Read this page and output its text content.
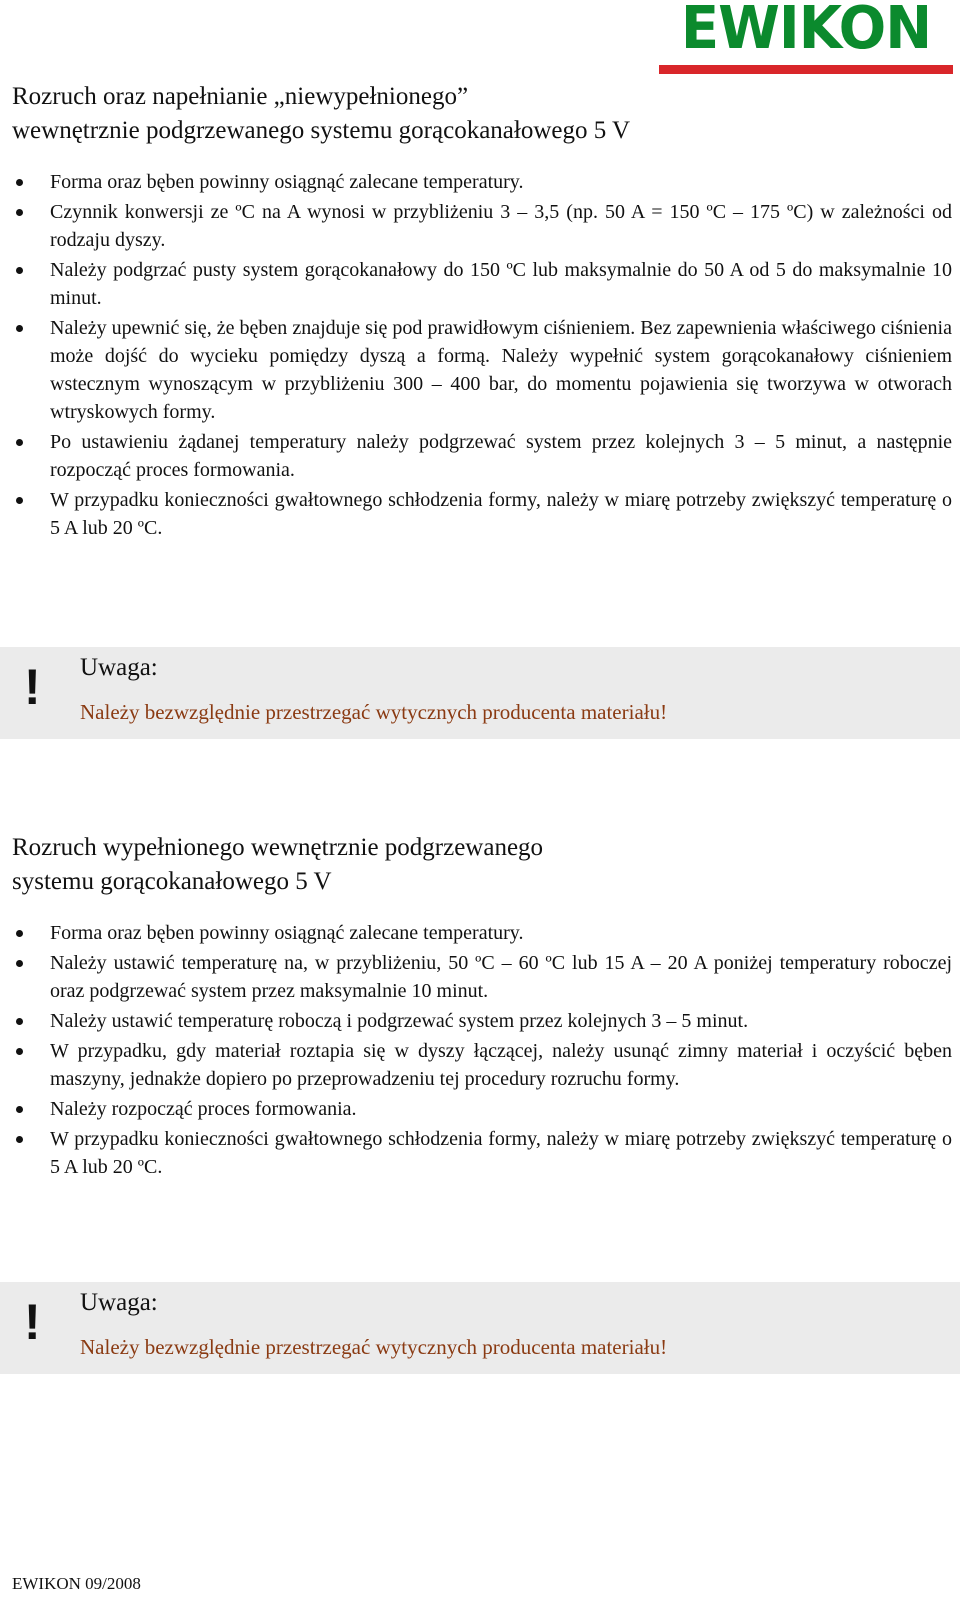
EWIKON
Rozruch oraz napełnianie „niewypełnionego”
wewnętrznie podgrzewanego systemu gorącokanałowego 5 V
Forma oraz bęben powinny osiągnąć zalecane temperatury.
Czynnik konwersji ze ºC na A wynosi w przybliżeniu 3 – 3,5 (np. 50 A = 150 ºC – 175 ºC) w zależności od rodzaju dyszy.
Należy podgrzać pusty system gorącokanałowy do 150 ºC lub maksymalnie do 50 A od 5 do maksymalnie 10 minut.
Należy upewnić się, że bęben znajduje się pod prawidłowym ciśnieniem. Bez zapewnienia właściwego ciśnienia może dojść do wycieku pomiędzy dyszą a formą. Należy wypełnić system gorącokanałowy ciśnieniem wstecznym wynoszącym w przybliżeniu 300 – 400 bar, do momentu pojawienia się tworzywa w otworach wtryskowych formy.
Po ustawieniu żądanej temperatury należy podgrzewać system przez kolejnych 3 – 5 minut, a następnie rozpocząć proces formowania.
W przypadku konieczności gwałtownego schłodzenia formy, należy w miarę potrzeby zwiększyć temperaturę o 5 A lub 20 ºC.
! Uwaga:
Należy bezwzględnie przestrzegać wytycznych producenta materiału!
Rozruch wypełnionego wewnętrznie podgrzewanego
systemu gorącokanałowego 5 V
Forma oraz bęben powinny osiągnąć zalecane temperatury.
Należy ustawić temperaturę na, w przybliżeniu, 50 ºC – 60 ºC lub 15 A – 20 A poniżej temperatury roboczej oraz podgrzewać system przez maksymalnie 10 minut.
Należy ustawić temperaturę roboczą i podgrzewać system przez kolejnych 3 – 5 minut.
W przypadku, gdy materiał roztapia się w dyszy łączącej, należy usunąć zimny materiał i oczyścić bęben maszyny, jednakże dopiero po przeprowadzeniu tej procedury rozruchu formy.
Należy rozpocząć proces formowania.
W przypadku konieczności gwałtownego schłodzenia formy, należy w miarę potrzeby zwiększyć temperaturę o 5 A lub 20 ºC.
! Uwaga:
Należy bezwzględnie przestrzegać wytycznych producenta materiału!
EWIKON 09/2008
